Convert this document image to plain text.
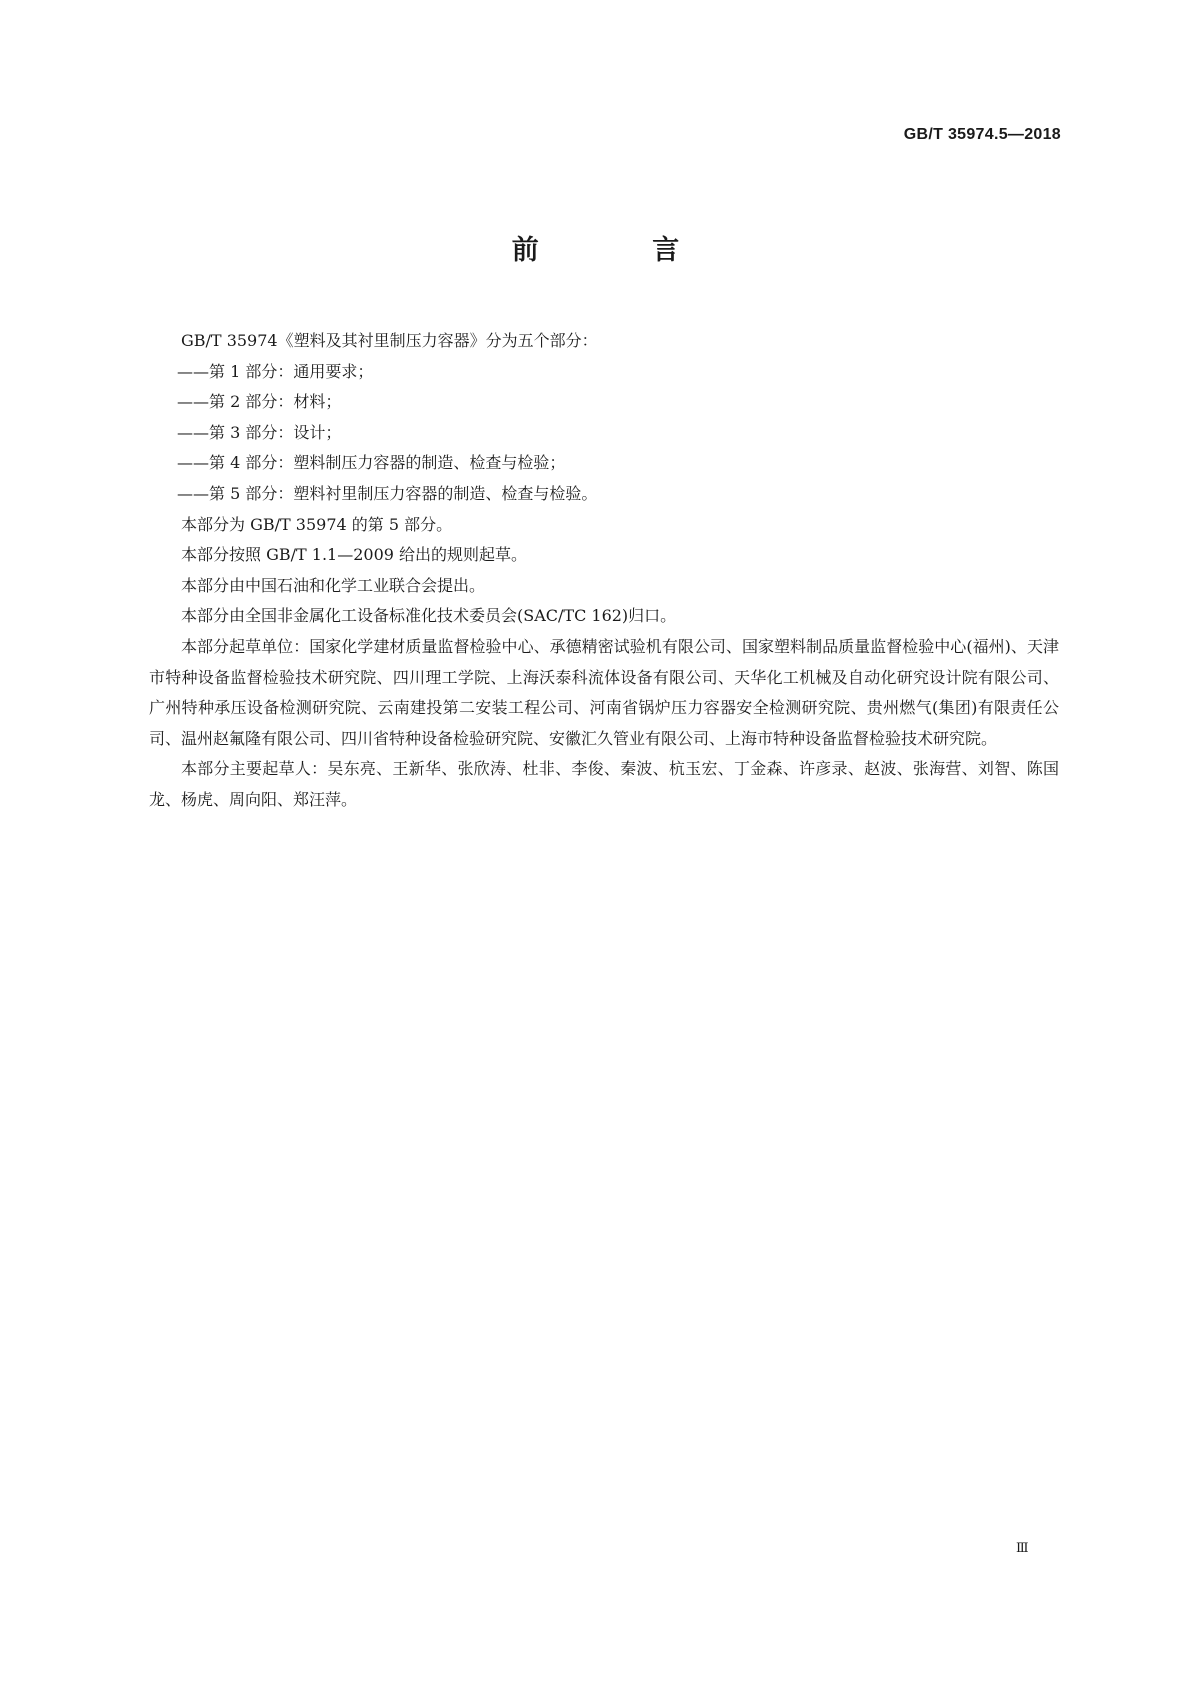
GB/T 35974.5—2018
前 言

GB/T 35974《塑料及其衬里制压力容器》分为五个部分：

——第 1 部分：通用要求；

——第 2 部分：材料；

——第 3 部分：设计；

——第 4 部分：塑料制压力容器的制造、检查与检验；

——第 5 部分：塑料衬里制压力容器的制造、检查与检验。

本部分为 GB/T 35974 的第 5 部分。

本部分按照 GB/T 1.1—2009 给出的规则起草。

本部分由中国石油和化学工业联合会提出。

本部分由全国非金属化工设备标准化技术委员会(SAC/TC 162)归口。

本部分起草单位：国家化学建材质量监督检验中心、承德精密试验机有限公司、国家塑料制品质量监督检验中心(福州)、天津市特种设备监督检验技术研究院、四川理工学院、上海沃泰科流体设备有限公司、天华化工机械及自动化研究设计院有限公司、广州特种承压设备检测研究院、云南建投第二安装工程公司、河南省锅炉压力容器安全检测研究院、贵州燃气(集团)有限责任公司、温州赵氟隆有限公司、四川省特种设备检验研究院、安徽汇久管业有限公司、上海市特种设备监督检验技术研究院。

本部分主要起草人：吴东亮、王新华、张欣涛、杜非、李俊、秦波、杭玉宏、丁金森、许彦录、赵波、张海营、刘智、陈国龙、杨虎、周向阳、郑汪萍。

Ⅲ
